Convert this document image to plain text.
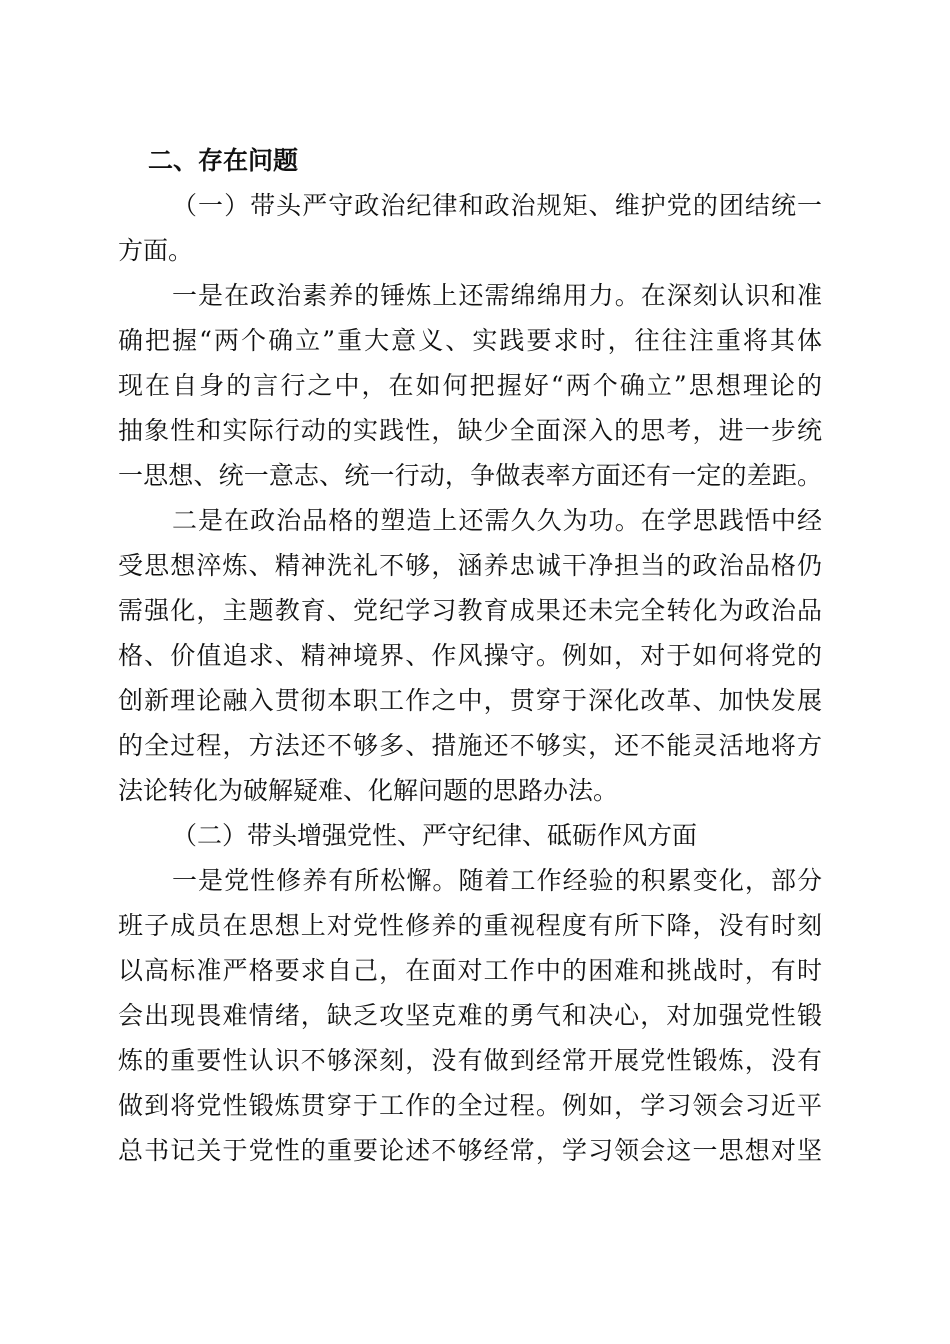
二、存在问题
（一）带头严守政治纪律和政治规矩、维护党的团结统一
方面。
一是在政治素养的锤炼上还需绵绵用力。在深刻认识和准
确把握“两个确立”重大意义、实践要求时，往往注重将其体
现在自身的言行之中，在如何把握好“两个确立”思想理论的
抽象性和实际行动的实践性，缺少全面深入的思考，进一步统
一思想、统一意志、统一行动，争做表率方面还有一定的差距。
二是在政治品格的塑造上还需久久为功。在学思践悟中经
受思想淬炼、精神洗礼不够，涵养忠诚干净担当的政治品格仍
需强化，主题教育、党纪学习教育成果还未完全转化为政治品
格、价值追求、精神境界、作风操守。例如，对于如何将党的
创新理论融入贯彻本职工作之中，贯穿于深化改革、加快发展
的全过程，方法还不够多、措施还不够实，还不能灵活地将方
法论转化为破解疑难、化解问题的思路办法。
（二）带头增强党性、严守纪律、砥砺作风方面
一是党性修养有所松懈。随着工作经验的积累变化，部分
班子成员在思想上对党性修养的重视程度有所下降，没有时刻
以高标准严格要求自己，在面对工作中的困难和挑战时，有时
会出现畏难情绪，缺乏攻坚克难的勇气和决心，对加强党性锻
炼的重要性认识不够深刻，没有做到经常开展党性锻炼，没有
做到将党性锻炼贯穿于工作的全过程。例如，学习领会习近平
总书记关于党性的重要论述不够经常，学习领会这一思想对坚
